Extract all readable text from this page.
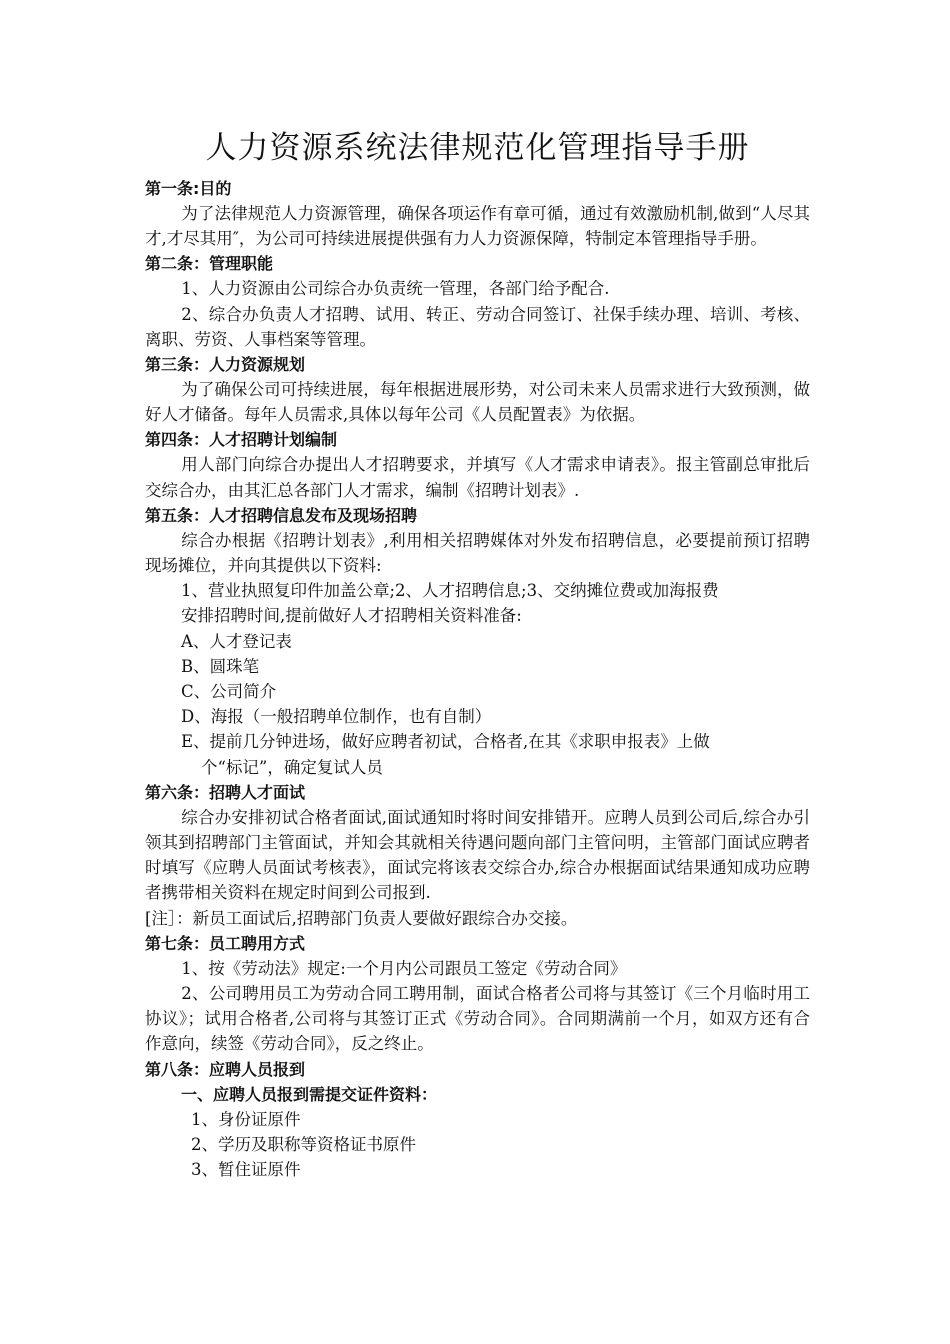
人力资源系统法律规范化管理指导手册
第一条:目的

为了法律规范人力资源管理，确保各项运作有章可循，通过有效激励机制,做到“人尽其才,才尽其用″，为公司可持续进展提供强有力人力资源保障，特制定本管理指导手册。

第二条：管理职能

1、人力资源由公司综合办负责统一管理，各部门给予配合.

2、综合办负责人才招聘、试用、转正、劳动合同签订、社保手续办理、培训、考核、离职、劳资、人事档案等管理。

第三条：人力资源规划

为了确保公司可持续进展，每年根据进展形势，对公司未来人员需求进行大致预测，做好人才储备。每年人员需求,具体以每年公司《人员配置表》为依据。

第四条：人才招聘计划编制

用人部门向综合办提出人才招聘要求，并填写《人才需求申请表》。报主管副总审批后交综合办，由其汇总各部门人才需求，编制《招聘计划表》.

第五条：人才招聘信息发布及现场招聘

综合办根据《招聘计划表》,利用相关招聘媒体对外发布招聘信息，必要提前预订招聘现场摊位，并向其提供以下资料:

1、营业执照复印件加盖公章;2、人才招聘信息;3、交纳摊位费或加海报费

安排招聘时间,提前做好人才招聘相关资料准备:

A、人才登记表

B、圆珠笔

C、公司简介

D、海报（一般招聘单位制作，也有自制）

E、提前几分钟进场，做好应聘者初试，合格者,在其《求职申报表》上做

个“标记”，确定复试人员

第六条：招聘人才面试

综合办安排初试合格者面试,面试通知时将时间安排错开。应聘人员到公司后,综合办引领其到招聘部门主管面试，并知会其就相关待遇问题向部门主管问明，主管部门面试应聘者时填写《应聘人员面试考核表》，面试完将该表交综合办,综合办根据面试结果通知成功应聘者携带相关资料在规定时间到公司报到.

[注］：新员工面试后,招聘部门负责人要做好跟综合办交接。

第七条：员工聘用方式

1、按《劳动法》规定:一个月内公司跟员工签定《劳动合同》

2、公司聘用员工为劳动合同工聘用制，面试合格者公司将与其签订《三个月临时用工协议》；试用合格者,公司将与其签订正式《劳动合同》。合同期满前一个月，如双方还有合作意向，续签《劳动合同》，反之终止。

第八条：应聘人员报到
一、应聘人员报到需提交证件资料：

1、身份证原件

2、学历及职称等资格证书原件

3、暂住证原件
